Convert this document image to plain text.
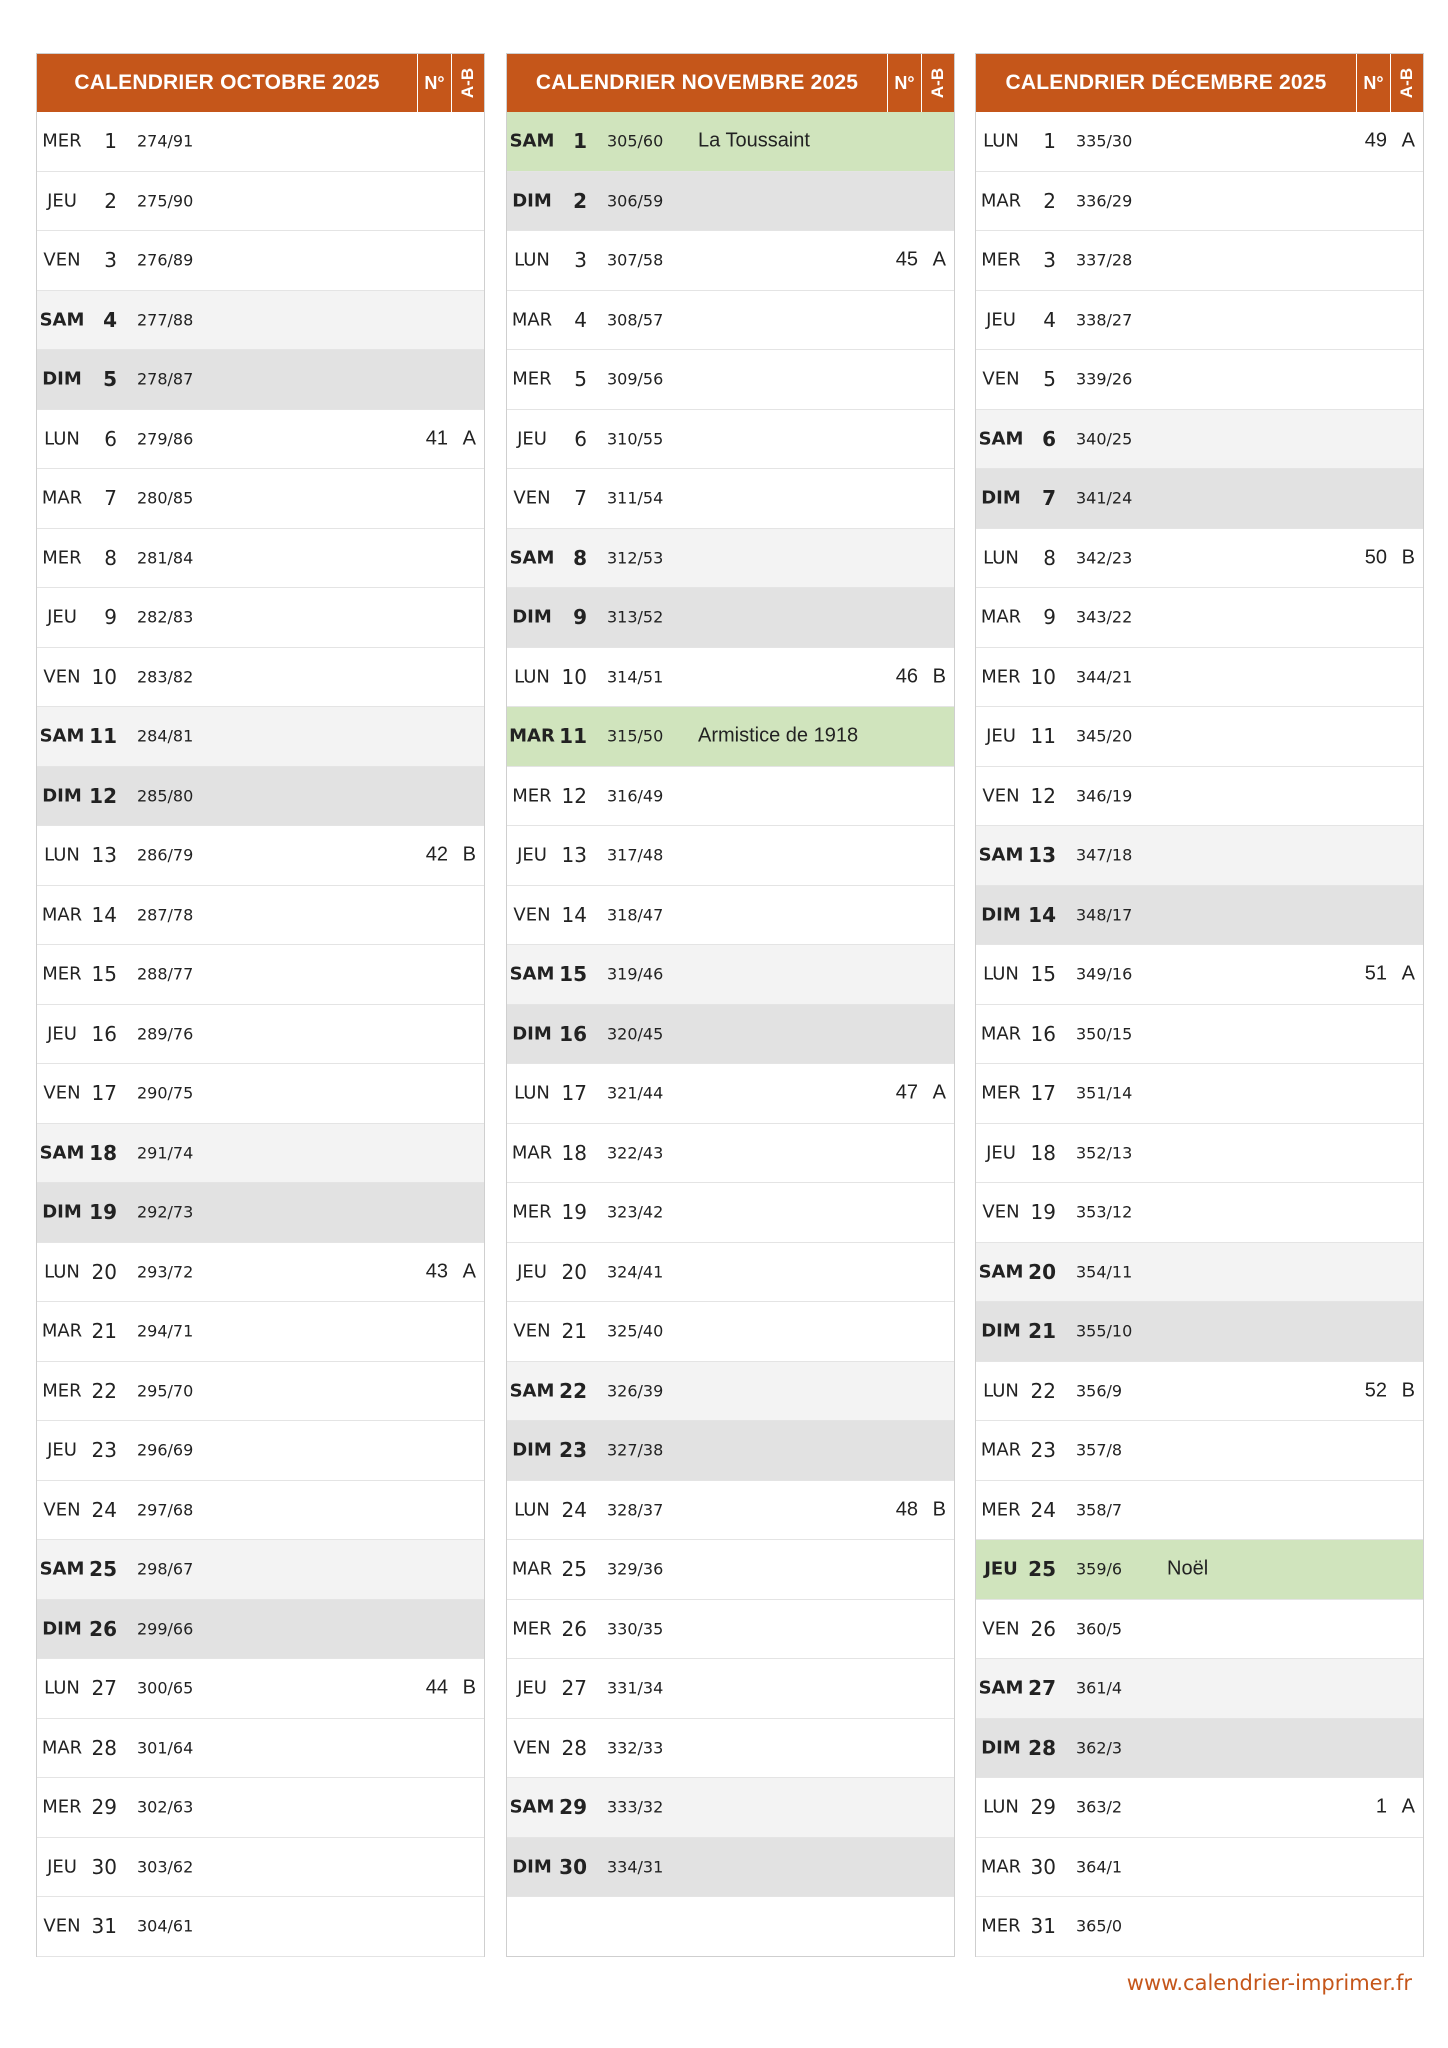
CALENDRIER OCTOBRE 2025	N° A-B
MER	1 274/91
JEU	2 275/90
VEN	3 276/89
SAM 4 277/88
DIM	5 278/87
LUN	6 279/86	41 A
MAR	7 280/85
MER	8 281/84
JEU	9 282/83
VEN 10 283/82
SAM 11 284/81
DIM 12 285/80
LUN 13 286/79	42 B
MAR 14 287/78
MER 15 288/77
JEU 16 289/76
VEN 17 290/75
SAM 18 291/74
DIM 19 292/73
LUN 20 293/72	43 A
MAR 21 294/71
MER 22 295/70
JEU 23 296/69
VEN 24 297/68
SAM 25 298/67
DIM 26 299/66
LUN 27 300/65	44 B
MAR 28 301/64
MER 29 302/63
JEU 30 303/62
VEN 31 304/61
CALENDRIER NOVEMBRE 2025	N° A-B
SAM 1 305/60 La Toussaint
DIM	2 306/59
LUN	3 307/58	45 A
MAR	4 308/57
MER	5 309/56
JEU	6 310/55
VEN	7 311/54
SAM 8 312/53
DIM	9 313/52
LUN 10 314/51	46 B
MAR 11 315/50 Armistice de 1918
MER 12 316/49
JEU 13 317/48
VEN 14 318/47
SAM 15 319/46
DIM 16 320/45
LUN 17 321/44	47 A
MAR 18 322/43
MER 19 323/42
JEU 20 324/41
VEN 21 325/40
SAM 22 326/39
DIM 23 327/38
LUN 24 328/37	48 B
MAR 25 329/36
MER 26 330/35
JEU 27 331/34
VEN 28 332/33
SAM 29 333/32
DIM 30 334/31
CALENDRIER DÉCEMBRE 2025	N° A-B
LUN	1 335/30	49 A
MAR	2 336/29
MER	3 337/28
JEU	4 338/27
VEN	5 339/26
SAM 6 340/25
DIM	7 341/24
LUN	8 342/23	50 B
MAR	9 343/22
MER 10 344/21
JEU 11 345/20
VEN 12 346/19
SAM 13 347/18
DIM 14 348/17
LUN 15 349/16	51 A
MAR 16 350/15
MER 17 351/14
JEU 18 352/13
VEN 19 353/12
SAM 20 354/11
DIM 21 355/10
LUN 22 356/9	52 B
MAR 23 357/8
MER 24 358/7
JEU 25 359/6 Noël
VEN 26 360/5
SAM 27 361/4
DIM 28 362/3
LUN 29 363/2	1 A
MAR 30 364/1
MER 31 365/0
www.calendrier-imprimer.fr
